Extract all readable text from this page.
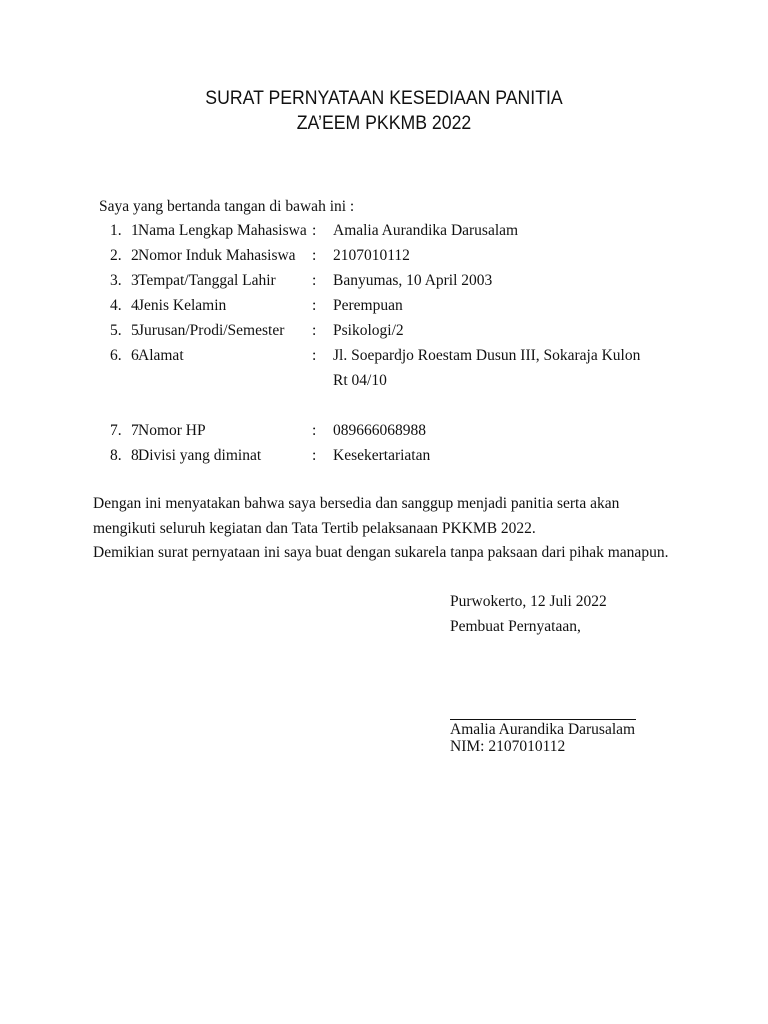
SURAT PERNYATAAN KESEDIAAN PANITIA
ZA’EEM PKKMB 2022
Saya yang bertanda tangan di bawah ini :
1. 1 Nama Lengkap Mahasiswa : Amalia Aurandika Darusalam
2. 2 Nomor Induk Mahasiswa : 2107010112
3. 3 Tempat/Tanggal Lahir : Banyumas, 10 April 2003
4. 4 Jenis Kelamin	: Perempuan
5. 5 Jurusan/Prodi/Semester : Psikologi/2
6. 6 Alamat	: Jl. Soepardjo Roestam Dusun III, Sokaraja Kulon
Rt 04/10
7. 7 Nomor HP	: 089666068988
8. 8 Divisi yang diminat	: Kesekertariatan
Dengan ini menyatakan bahwa saya bersedia dan sanggup menjadi panitia serta akan
mengikuti seluruh kegiatan dan Tata Tertib pelaksanaan PKKMB 2022.
Demikian surat pernyataan ini saya buat dengan sukarela tanpa paksaan dari pihak manapun.
Purwokerto, 12 Juli 2022
Pembuat Pernyataan,
Amalia Aurandika Darusalam
NIM: 2107010112
